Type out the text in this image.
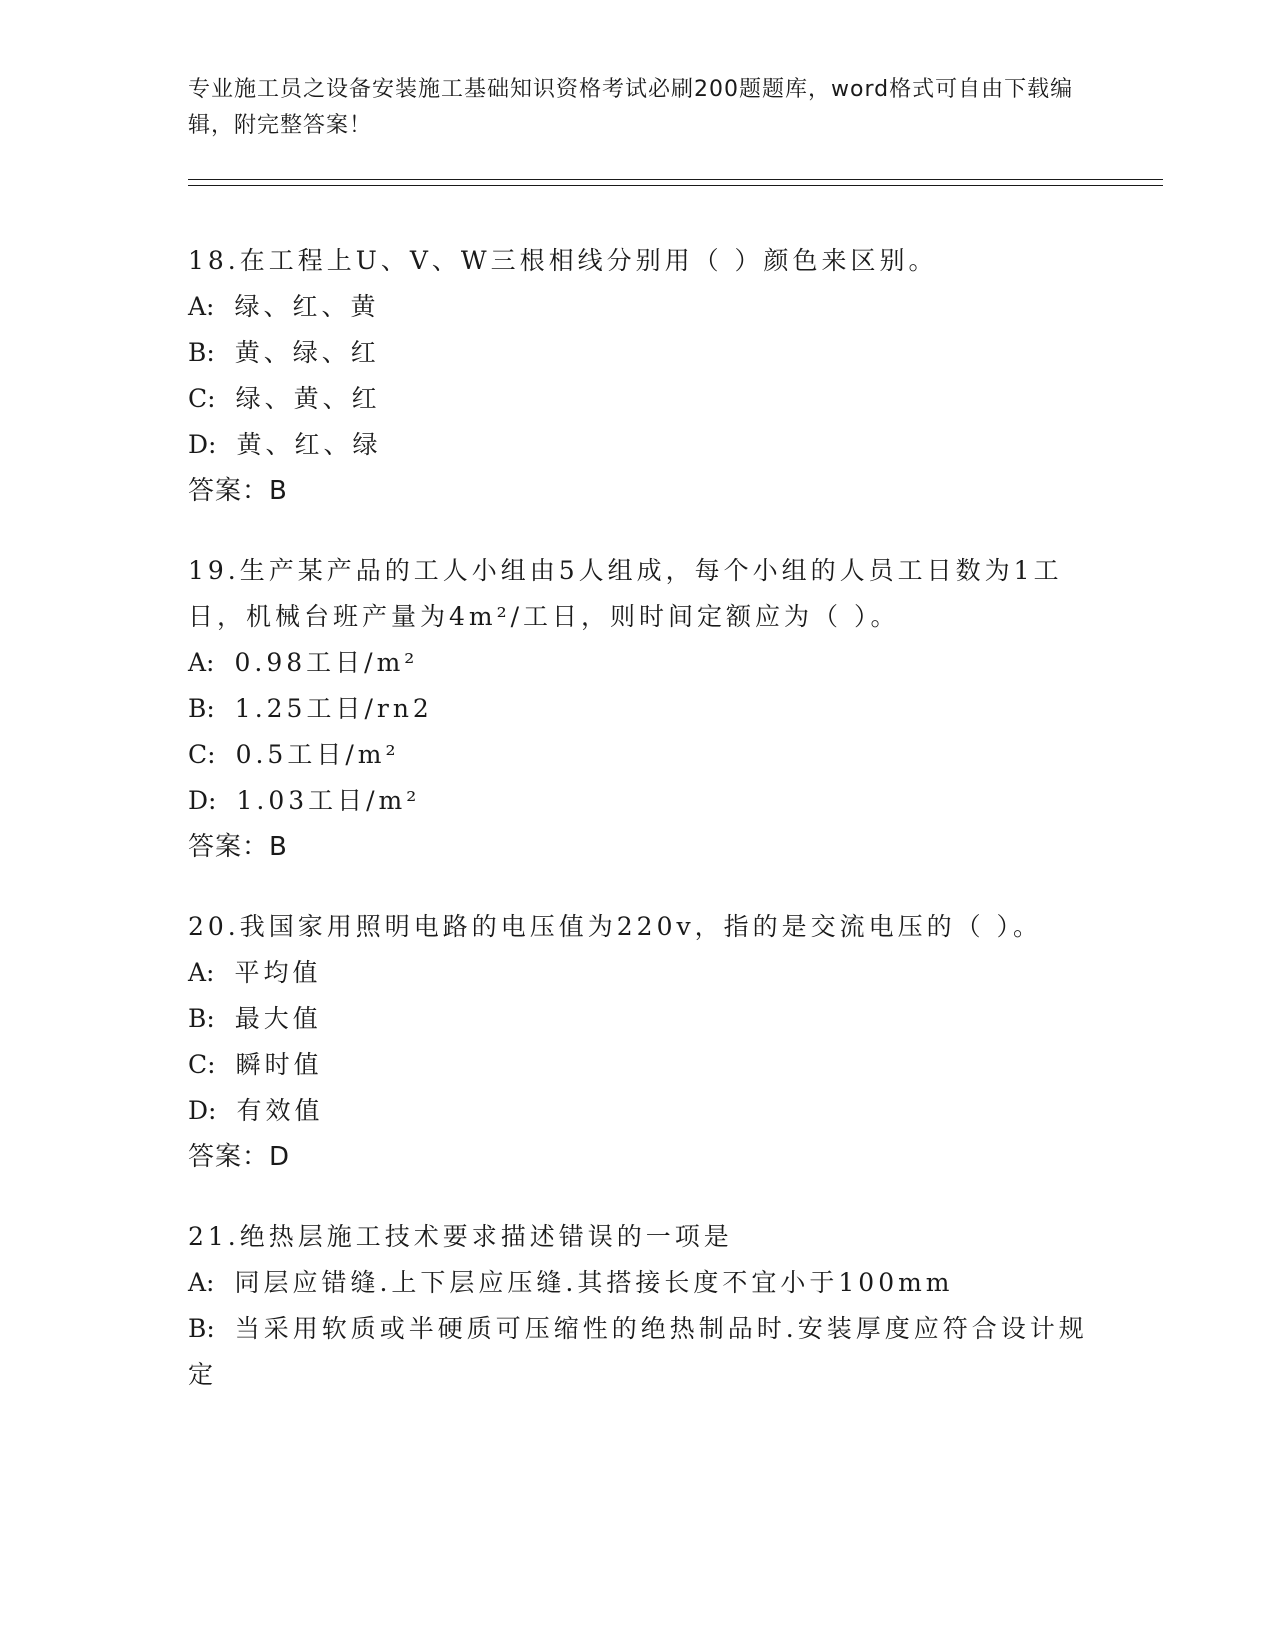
专业施工员之设备安装施工基础知识资格考试必刷200题题库，word格式可自由下载编辑，附完整答案！

18.在工程上U、V、W三根相线分别用（ ）颜色来区别。

A: 绿、红、黄

B: 黄、绿、红

C: 绿、黄、红

D: 黄、红、绿

答案：B

19.生产某产品的工人小组由5人组成，每个小组的人员工日数为1工日，机械台班产量为4m²/工日，则时间定额应为（ ）。

A: 0.98工日/m²

B: 1.25工日/rn2

C: 0.5工日/m²

D: 1.03工日/m²

答案：B

20.我国家用照明电路的电压值为220v，指的是交流电压的（ ）。

A: 平均值

B: 最大值

C: 瞬时值

D: 有效值

答案：D

21.绝热层施工技术要求描述错误的一项是

A: 同层应错缝.上下层应压缝.其搭接长度不宜小于100mm

B: 当采用软质或半硬质可压缩性的绝热制品时.安装厚度应符合设计规定
